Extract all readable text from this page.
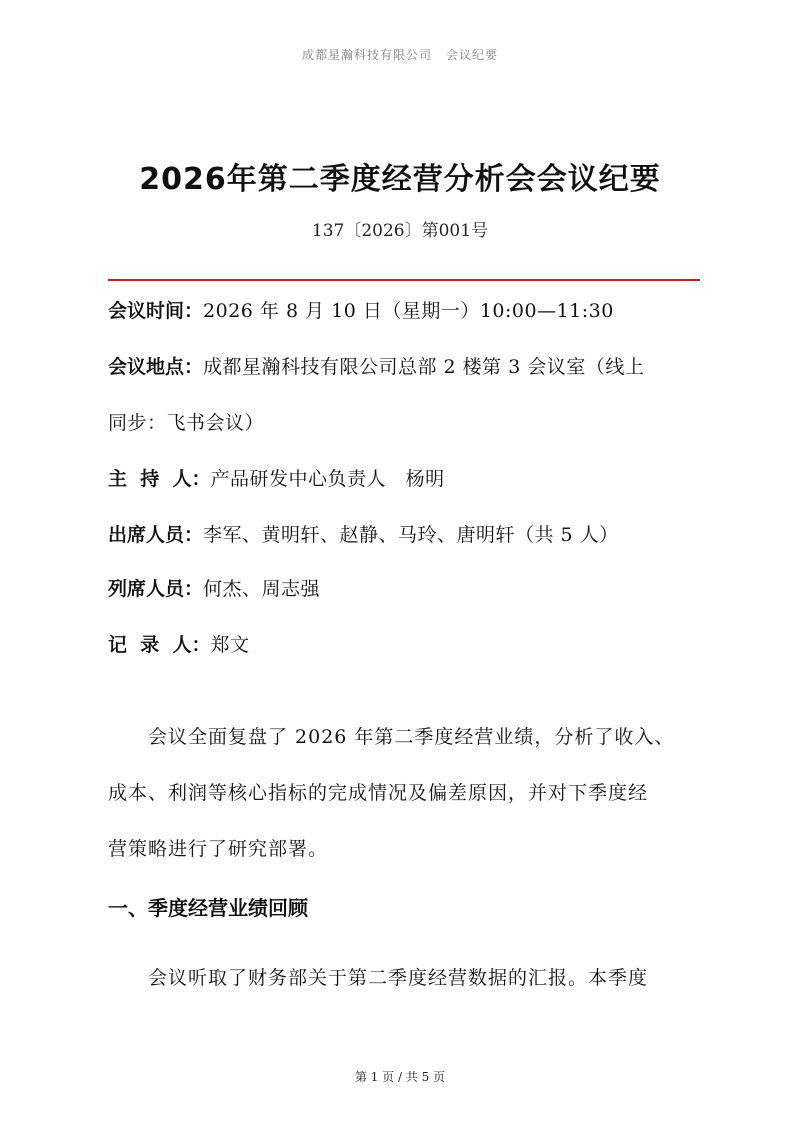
成都星瀚科技有限公司 会议纪要
2026年第二季度经营分析会会议纪要
137〔2026〕第001号
会议时间：2026 年 8 月 10 日（星期一）10:00—11:30
会议地点：成都星瀚科技有限公司总部 2 楼第 3 会议室（线上
同步：飞书会议）
主  持  人：产品研发中心负责人   杨明
出席人员：李军、黄明轩、赵静、马玲、唐明轩（共 5 人）
列席人员：何杰、周志强
记  录  人：郑文
会议全面复盘了 2026 年第二季度经营业绩，分析了收入、
成本、利润等核心指标的完成情况及偏差原因，并对下季度经
营策略进行了研究部署。
一、季度经营业绩回顾
会议听取了财务部关于第二季度经营数据的汇报。本季度
第 1 页 / 共 5 页
